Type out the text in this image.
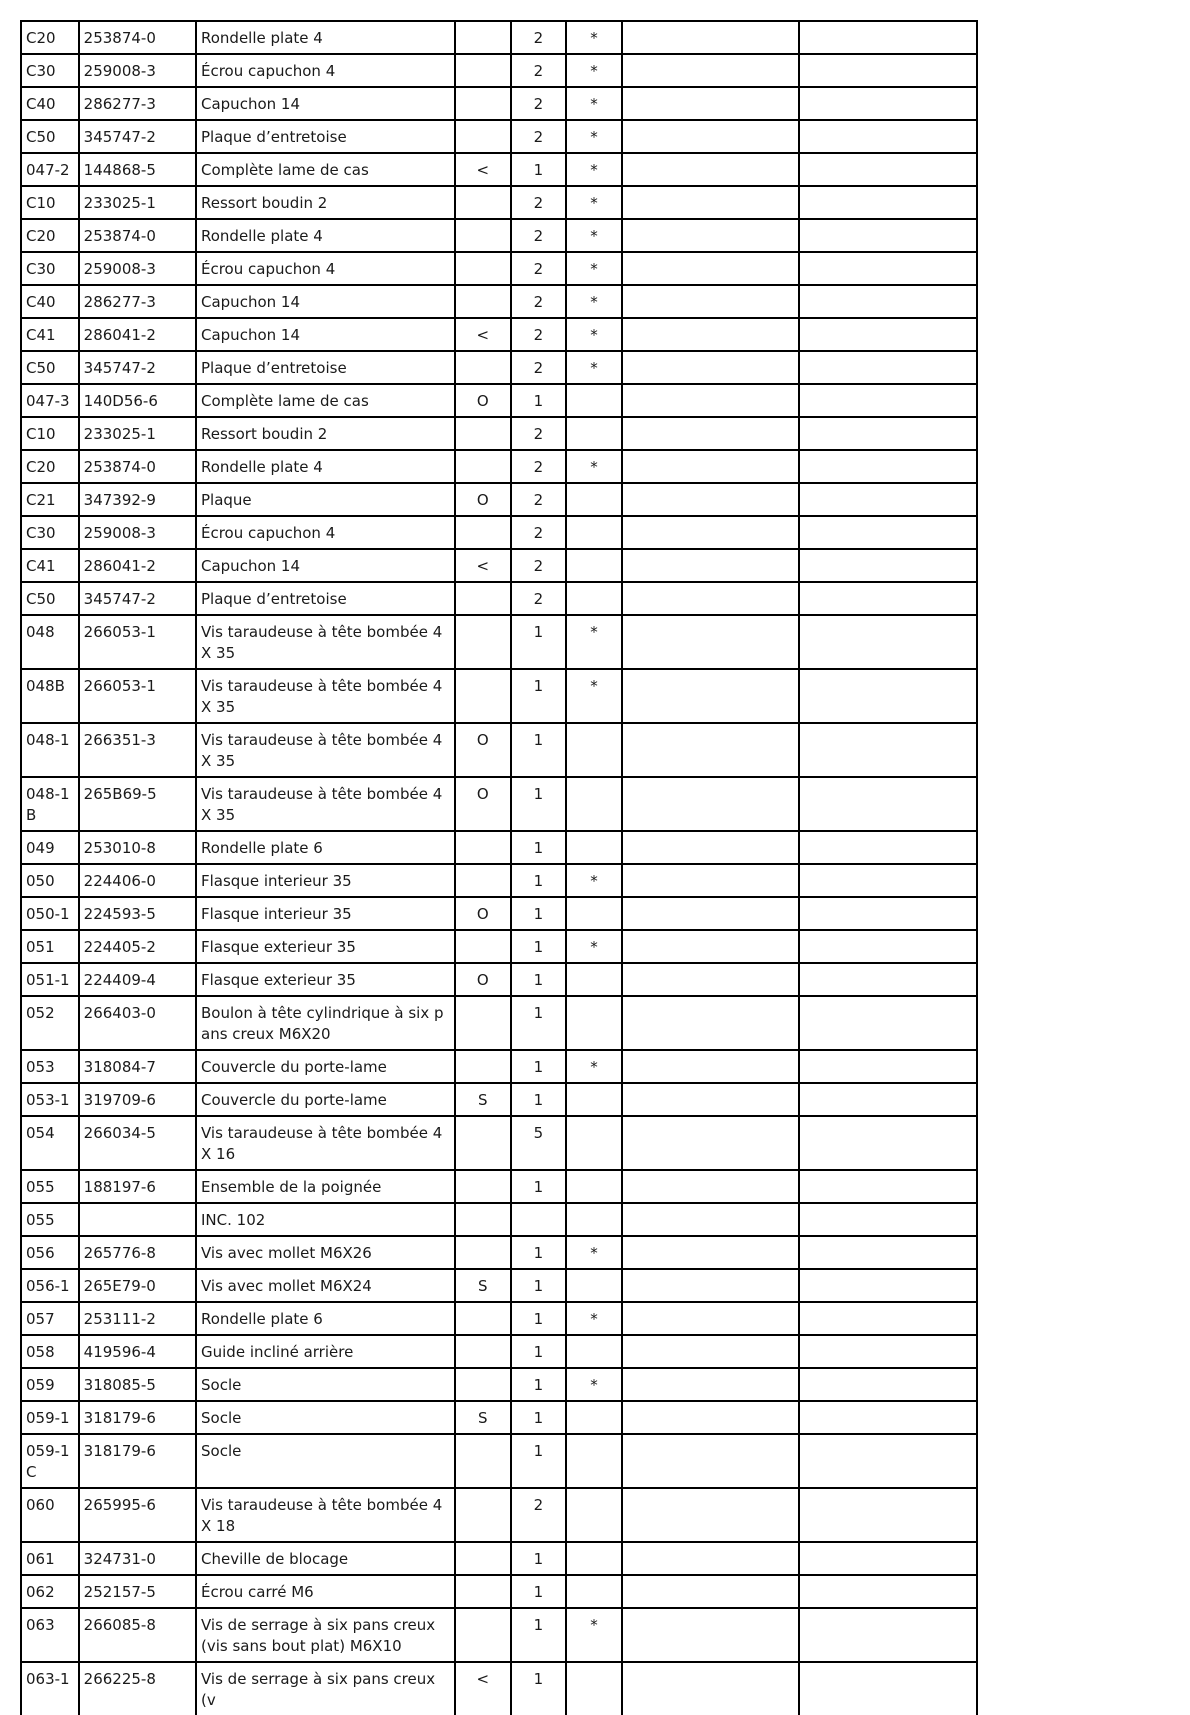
C20	253874-0	Rondelle plate 4		2	*		
C30	259008-3	Écrou capuchon 4		2	*		
C40	286277-3	Capuchon 14		2	*		
C50	345747-2	Plaque d’entretoise		2	*		
047-2	144868-5	Complète lame de cas	<	1	*		
C10	233025-1	Ressort boudin 2		2	*		
C20	253874-0	Rondelle plate 4		2	*		
C30	259008-3	Écrou capuchon 4		2	*		
C40	286277-3	Capuchon 14		2	*		
C41	286041-2	Capuchon 14	<	2	*		
C50	345747-2	Plaque d’entretoise		2	*		
047-3	140D56-6	Complète lame de cas	O	1			
C10	233025-1	Ressort boudin 2		2			
C20	253874-0	Rondelle plate 4		2	*		
C21	347392-9	Plaque	O	2			
C30	259008-3	Écrou capuchon 4		2			
C41	286041-2	Capuchon 14	<	2			
C50	345747-2	Plaque d’entretoise		2			
048	266053-1	Vis taraudeuse à tête bombée 4X 35		1	*		
048B	266053-1	Vis taraudeuse à tête bombée 4X 35		1	*		
048-1	266351-3	Vis taraudeuse à tête bombée 4X 35	O	1			
048-1B	265B69-5	Vis taraudeuse à tête bombée 4X 35	O	1			
049	253010-8	Rondelle plate 6		1			
050	224406-0	Flasque interieur 35		1	*		
050-1	224593-5	Flasque interieur 35	O	1			
051	224405-2	Flasque exterieur 35		1	*		
051-1	224409-4	Flasque exterieur 35	O	1			
052	266403-0	Boulon à tête cylindrique à six pans creux M6X20		1			
053	318084-7	Couvercle du porte-lame		1	*		
053-1	319709-6	Couvercle du porte-lame	S	1			
054	266034-5	Vis taraudeuse à tête bombée 4X 16		5			
055	188197-6	Ensemble de la poignée		1			
055		INC. 102					
056	265776-8	Vis avec mollet M6X26		1	*		
056-1	265E79-0	Vis avec mollet M6X24	S	1			
057	253111-2	Rondelle plate 6		1	*		
058	419596-4	Guide incliné arrière		1			
059	318085-5	Socle		1	*		
059-1	318179-6	Socle	S	1			
059-1C	318179-6	Socle		1			
060	265995-6	Vis taraudeuse à tête bombée 4X 18		2			
061	324731-0	Cheville de blocage		1			
062	252157-5	Écrou carré M6		1			
063	266085-8	Vis de serrage à six pans creux (vis sans bout plat) M6X10		1	*		
063-1	266225-8	Vis de serrage à six pans creux (v	<	1			
